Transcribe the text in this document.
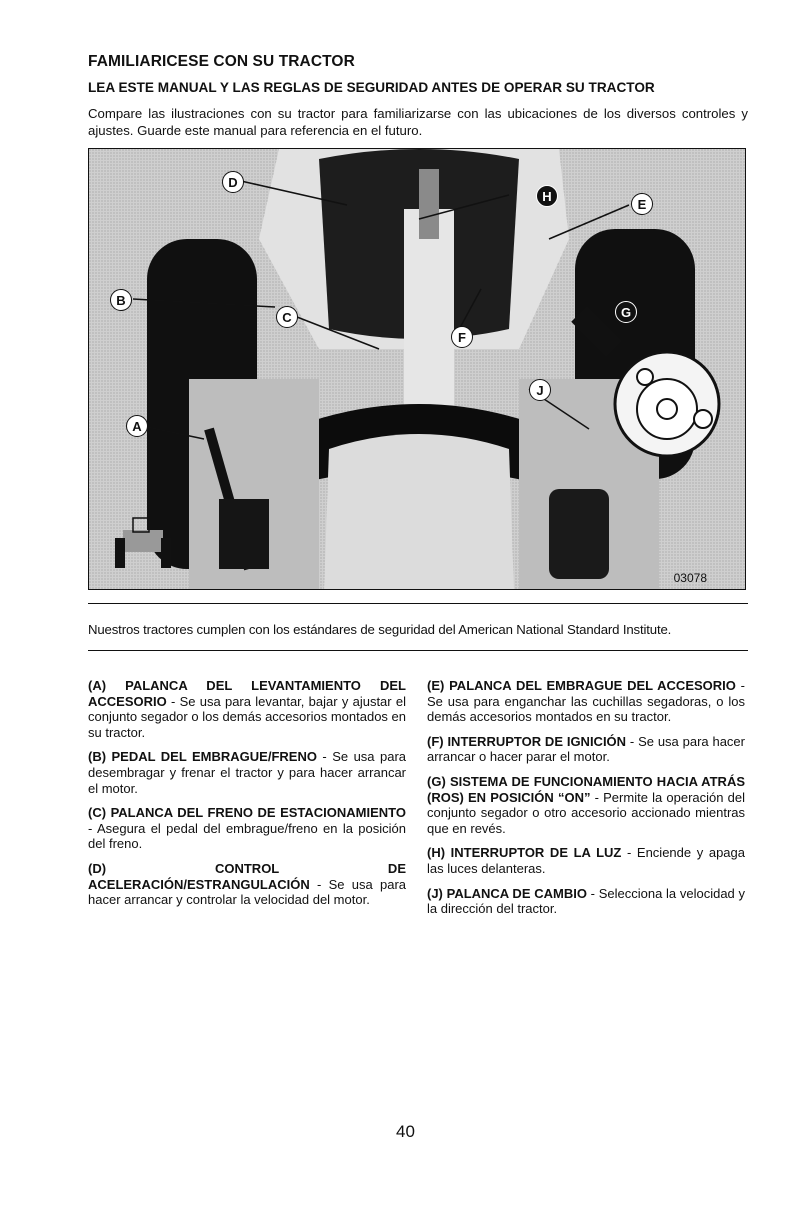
FAMILIARICESE CON SU TRACTOR
LEA ESTE MANUAL Y LAS REGLAS DE SEGURIDAD ANTES DE OPERAR SU TRACTOR
Compare las ilustraciones con su tractor para familiarizarse con las ubicaciones de los diversos controles y ajustes. Guarde este manual para referencia en el futuro.
D
H
E
B
C	G
F
J
A
03078
Nuestros tractores cumplen con los estándares de seguridad del American National Standard Institute.

(A) PALANCA DEL LEVANTAMIENTO DEL ACCESORIO - Se usa para levantar, bajar y ajustar el conjunto segador o los demás accesorios montados en su tractor.

(B) PEDAL DEL EMBRAGUE/FRENO - Se usa para desembragar y frenar el tractor y para hacer arrancar el motor.

(C) PALANCA DEL FRENO DE ESTACIONAMIENTO - Asegura el pedal del embrague/freno en la posición del freno.

(D) CONTROL DE ACELERACIÓN/ESTRANGULACIÓN - Se usa para hacer arrancar y controlar la velocidad del motor.

(E) PALANCA DEL EMBRAGUE DEL ACCESORIO - Se usa para enganchar las cuchillas segadoras, o los demás accesorios montados en su tractor.

(F) INTERRUPTOR DE IGNICIÓN - Se usa para hacer arrancar o hacer parar el motor.

(G) SISTEMA DE FUNCIONAMIENTO HACIA ATRÁS (ROS) EN POSICIÓN “ON” - Permite la operación del conjunto segador o otro accesorio accionado mientras que en revés.

(H) INTERRUPTOR DE LA LUZ - Enciende y apaga las luces delanteras.

(J) PALANCA DE CAMBIO - Selecciona la velocidad y la dirección del tractor.

40
